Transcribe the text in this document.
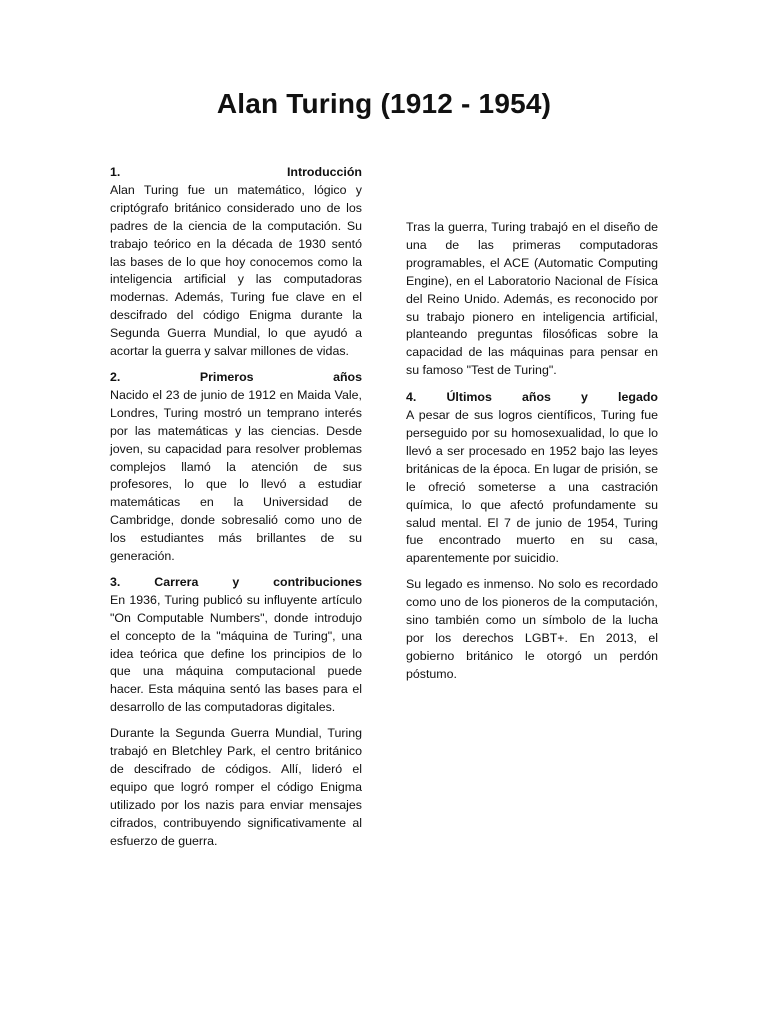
Alan Turing (1912 - 1954)
1.	Introducción

Alan Turing fue un matemático, lógico y criptógrafo británico considerado uno de los padres de la ciencia de la computación. Su trabajo teórico en la década de 1930 sentó las bases de lo que hoy conocemos como la inteligencia artificial y las computadoras modernas. Además, Turing fue clave en el descifrado del código Enigma durante la Segunda Guerra Mundial, lo que ayudó a acortar la guerra y salvar millones de vidas.

2.	Primeros	años

Nacido el 23 de junio de 1912 en Maida Vale, Londres, Turing mostró un temprano interés por las matemáticas y las ciencias. Desde joven, su capacidad para resolver problemas complejos llamó la atención de sus profesores, lo que lo llevó a estudiar matemáticas en la Universidad de Cambridge, donde sobresalió como uno de los estudiantes más brillantes de su generación.

3.	Carrera	y	contribuciones

En 1936, Turing publicó su influyente artículo "On Computable Numbers", donde introdujo el concepto de la "máquina de Turing", una idea teórica que define los principios de lo que una máquina computacional puede hacer. Esta máquina sentó las bases para el desarrollo de las computadoras digitales.

Durante la Segunda Guerra Mundial, Turing trabajó en Bletchley Park, el centro británico de descifrado de códigos. Allí, lideró el equipo que logró romper el código Enigma utilizado por los nazis para enviar mensajes cifrados, contribuyendo significativamente al esfuerzo de guerra.

Tras la guerra, Turing trabajó en el diseño de una de las primeras computadoras programables, el ACE (Automatic Computing Engine), en el Laboratorio Nacional de Física del Reino Unido. Además, es reconocido por su trabajo pionero en inteligencia artificial, planteando preguntas filosóficas sobre la capacidad de las máquinas para pensar en su famoso "Test de Turing".

4. Últimos años y legado

A pesar de sus logros científicos, Turing fue perseguido por su homosexualidad, lo que lo llevó a ser procesado en 1952 bajo las leyes británicas de la época. En lugar de prisión, se le ofreció someterse a una castración química, lo que afectó profundamente su salud mental. El 7 de junio de 1954, Turing fue encontrado muerto en su casa, aparentemente por suicidio.

Su legado es inmenso. No solo es recordado como uno de los pioneros de la computación, sino también como un símbolo de la lucha por los derechos LGBT+. En 2013, el gobierno británico le otorgó un perdón póstumo.
